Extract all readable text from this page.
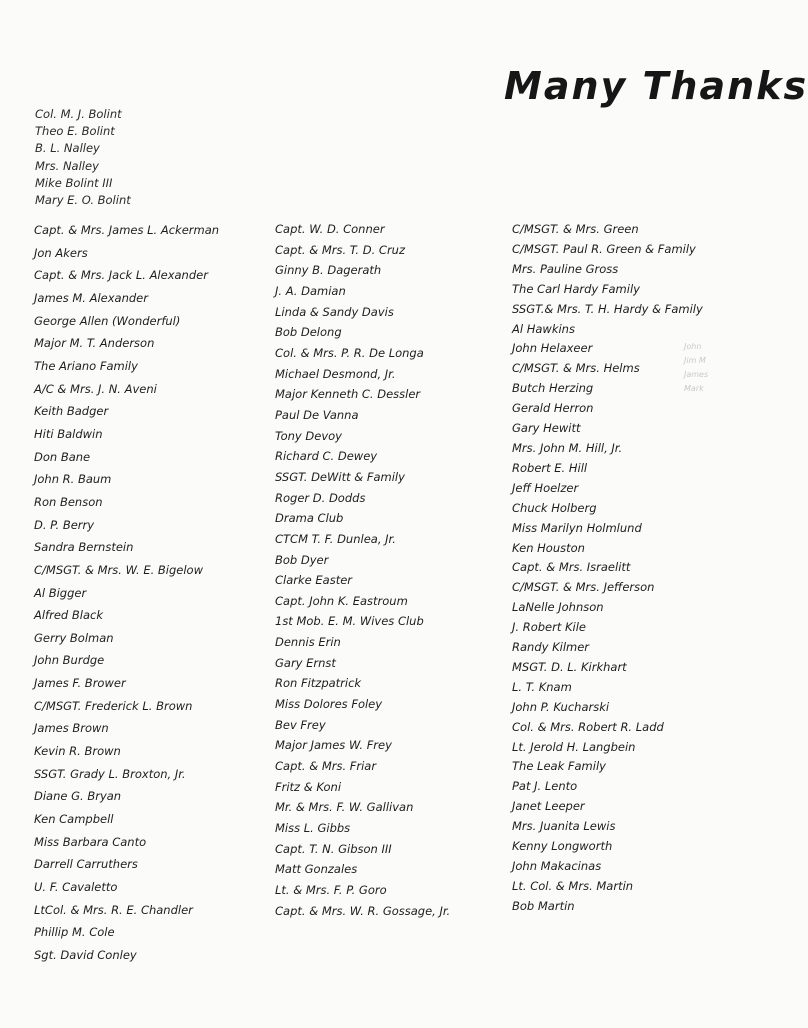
Many Thanks
Col. M. J. Bolint
Theo E. Bolint
B. L. Nalley
Mrs. Nalley
Mike Bolint III
Mary E. O. Bolint
Capt. & Mrs. James L. Ackerman
Jon Akers
Capt. & Mrs. Jack L. Alexander
James M. Alexander
George Allen (Wonderful)
Major M. T. Anderson
The Ariano Family
A/C & Mrs. J. N. Aveni
Keith Badger
Hiti Baldwin
Don Bane
John R. Baum
Ron Benson
D. P. Berry
Sandra Bernstein
C/MSGT. & Mrs. W. E. Bigelow
Al Bigger
Alfred Black
Gerry Bolman
John Burdge
James F. Brower
C/MSGT. Frederick L. Brown
James Brown
Kevin R. Brown
SSGT. Grady L. Broxton, Jr.
Diane G. Bryan
Ken Campbell
Miss Barbara Canto
Darrell Carruthers
U. F. Cavaletto
LtCol. & Mrs. R. E. Chandler
Phillip M. Cole
Sgt. David Conley
Capt. W. D. Conner
Capt. & Mrs. T. D. Cruz
Ginny B. Dagerath
J. A. Damian
Linda & Sandy Davis
Bob Delong
Col. & Mrs. P. R. De Longa
Michael Desmond, Jr.
Major Kenneth C. Dessler
Paul De Vanna
Tony Devoy
Richard C. Dewey
SSGT. DeWitt & Family
Roger D. Dodds
Drama Club
CTCM T. F. Dunlea, Jr.
Bob Dyer
Clarke Easter
Capt. John K. Eastroum
1st Mob. E. M. Wives Club
Dennis Erin
Gary Ernst
Ron Fitzpatrick
Miss Dolores Foley
Bev Frey
Major James W. Frey
Capt. & Mrs. Friar
Fritz & Koni
Mr. & Mrs. F. W. Gallivan
Miss L. Gibbs
Capt. T. N. Gibson III
Matt Gonzales
Lt. & Mrs. F. P. Goro
Capt. & Mrs. W. R. Gossage, Jr.
C/MSGT. & Mrs. Green
C/MSGT. Paul R. Green & Family
Mrs. Pauline Gross
The Carl Hardy Family
SSGT.& Mrs. T. H. Hardy & Family
Al Hawkins
John Helaxeer
C/MSGT. & Mrs. Helms
Butch Herzing
Gerald Herron
Gary Hewitt
Mrs. John M. Hill, Jr.
Robert E. Hill
Jeff Hoelzer
Chuck Holberg
Miss Marilyn Holmlund
Ken Houston
Capt. & Mrs. Israelitt
C/MSGT. & Mrs. Jefferson
LaNelle Johnson
J. Robert Kile
Randy Kilmer
MSGT. D. L. Kirkhart
L. T. Knam
John P. Kucharski
Col. & Mrs. Robert R. Ladd
Lt. Jerold H. Langbein
The Leak Family
Pat J. Lento
Janet Leeper
Mrs. Juanita Lewis
Kenny Longworth
John Makacinas
Lt. Col. & Mrs. Martin
Bob Martin
John
Jim M
James
Mark
